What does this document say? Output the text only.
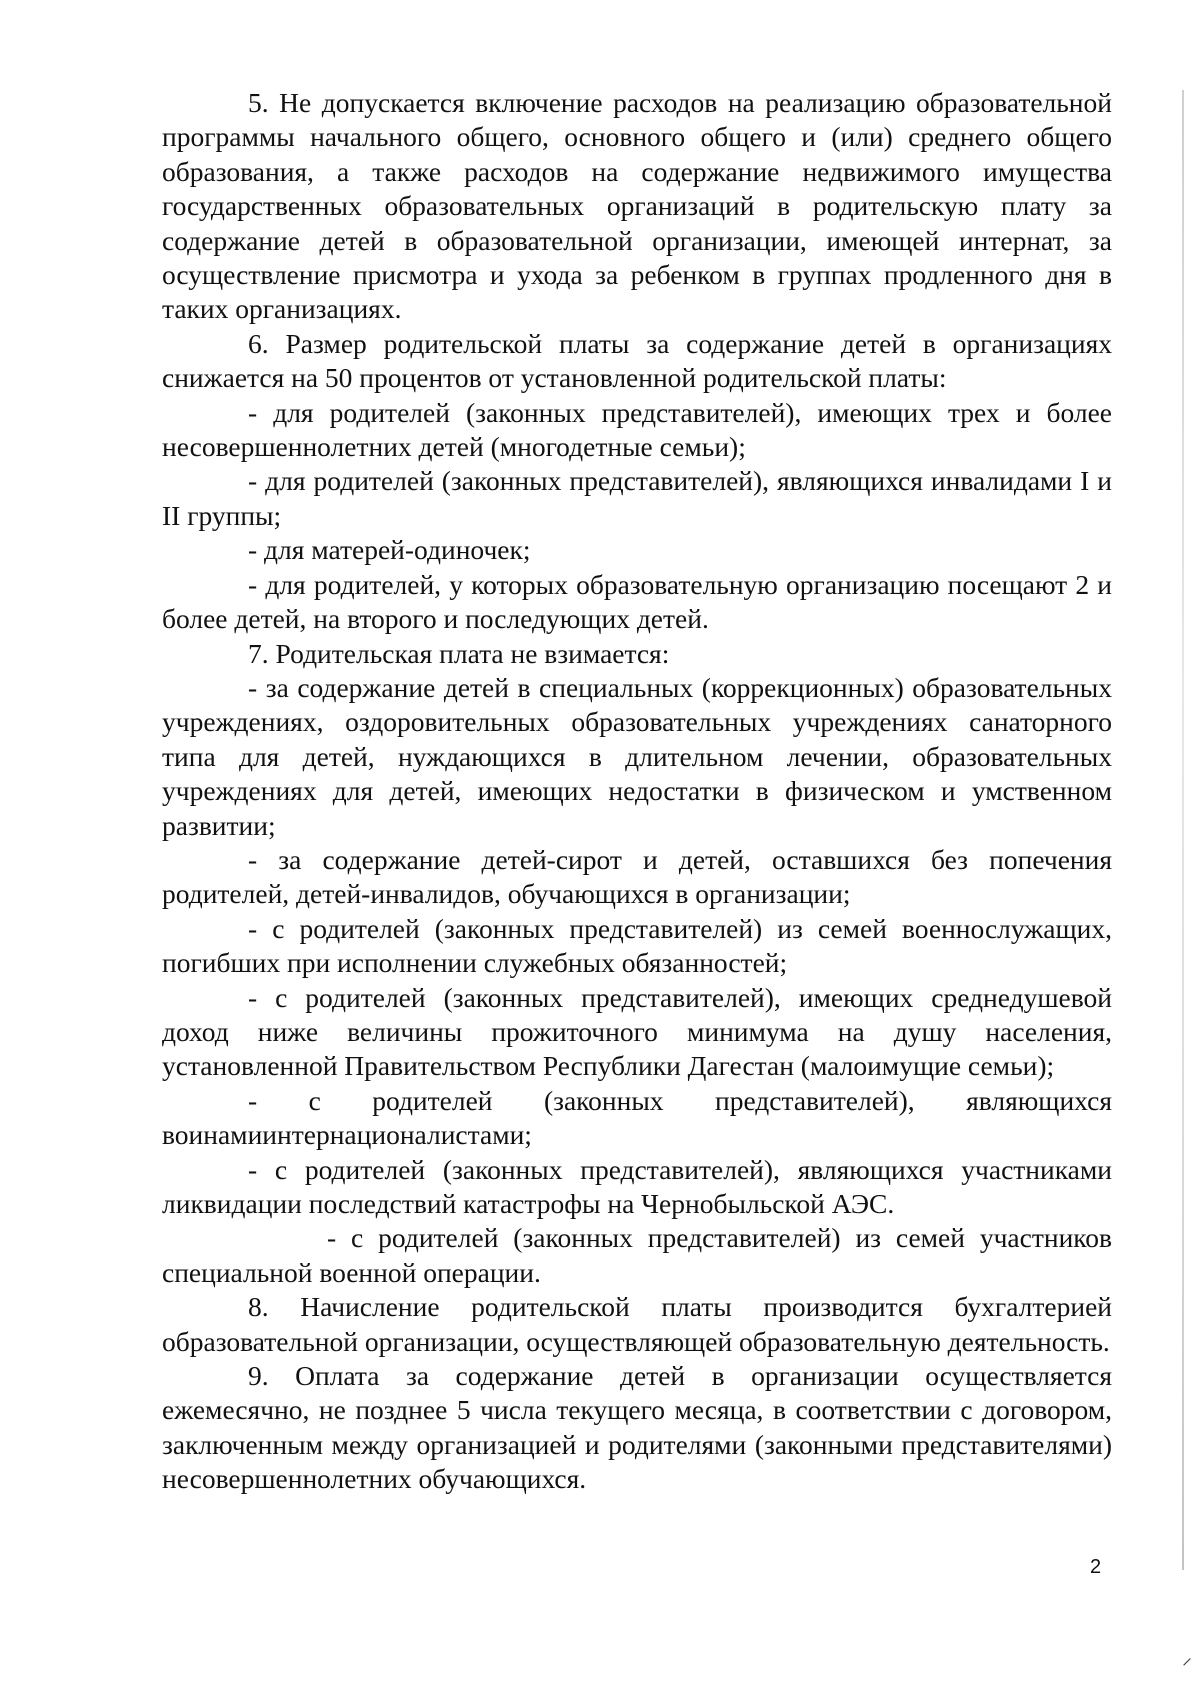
5. Не допускается включение расходов на реализацию образовательной программы начального общего, основного общего и (или) среднего общего образования, а также расходов на содержание недвижимого имущества государственных образовательных организаций в родительскую плату за содержание детей в образовательной организации, имеющей интернат, за осуществление присмотра и ухода за ребенком в группах продленного дня в таких организациях.

6. Размер родительской платы за содержание детей в организациях снижается на 50 процентов от установленной родительской платы:

- для родителей (законных представителей), имеющих трех и более несовершеннолетних детей (многодетные семьи);

- для родителей (законных представителей), являющихся инвалидами I и II группы;

- для матерей-одиночек;

- для родителей, у которых образовательную организацию посещают 2 и более детей, на второго и последующих детей.

7. Родительская плата не взимается:

- за содержание детей в специальных (коррекционных) образовательных учреждениях, оздоровительных образовательных учреждениях санаторного типа для детей, нуждающихся в длительном лечении, образовательных учреждениях для детей, имеющих недостатки в физическом и умственном развитии;

- за содержание детей-сирот и детей, оставшихся без попечения родителей, детей-инвалидов, обучающихся в организации;

- с родителей (законных представителей) из семей военнослужащих, погибших при исполнении служебных обязанностей;

- с родителей (законных представителей), имеющих среднедушевой доход ниже величины прожиточного минимума на душу населения, установленной Правительством Республики Дагестан (малоимущие семьи);

- с родителей (законных представителей), являющихся воинамиинтернационалистами;

- с родителей (законных представителей), являющихся участниками ликвидации последствий катастрофы на Чернобыльской АЭС.

- с родителей (законных представителей) из семей участников специальной военной операции.

8. Начисление родительской платы производится бухгалтерией образовательной организации, осуществляющей образовательную деятельность.

9. Оплата за содержание детей в организации осуществляется ежемесячно, не позднее 5 числа текущего месяца, в соответствии с договором, заключенным между организацией и родителями (законными представителями) несовершеннолетних обучающихся.

2
⸝
